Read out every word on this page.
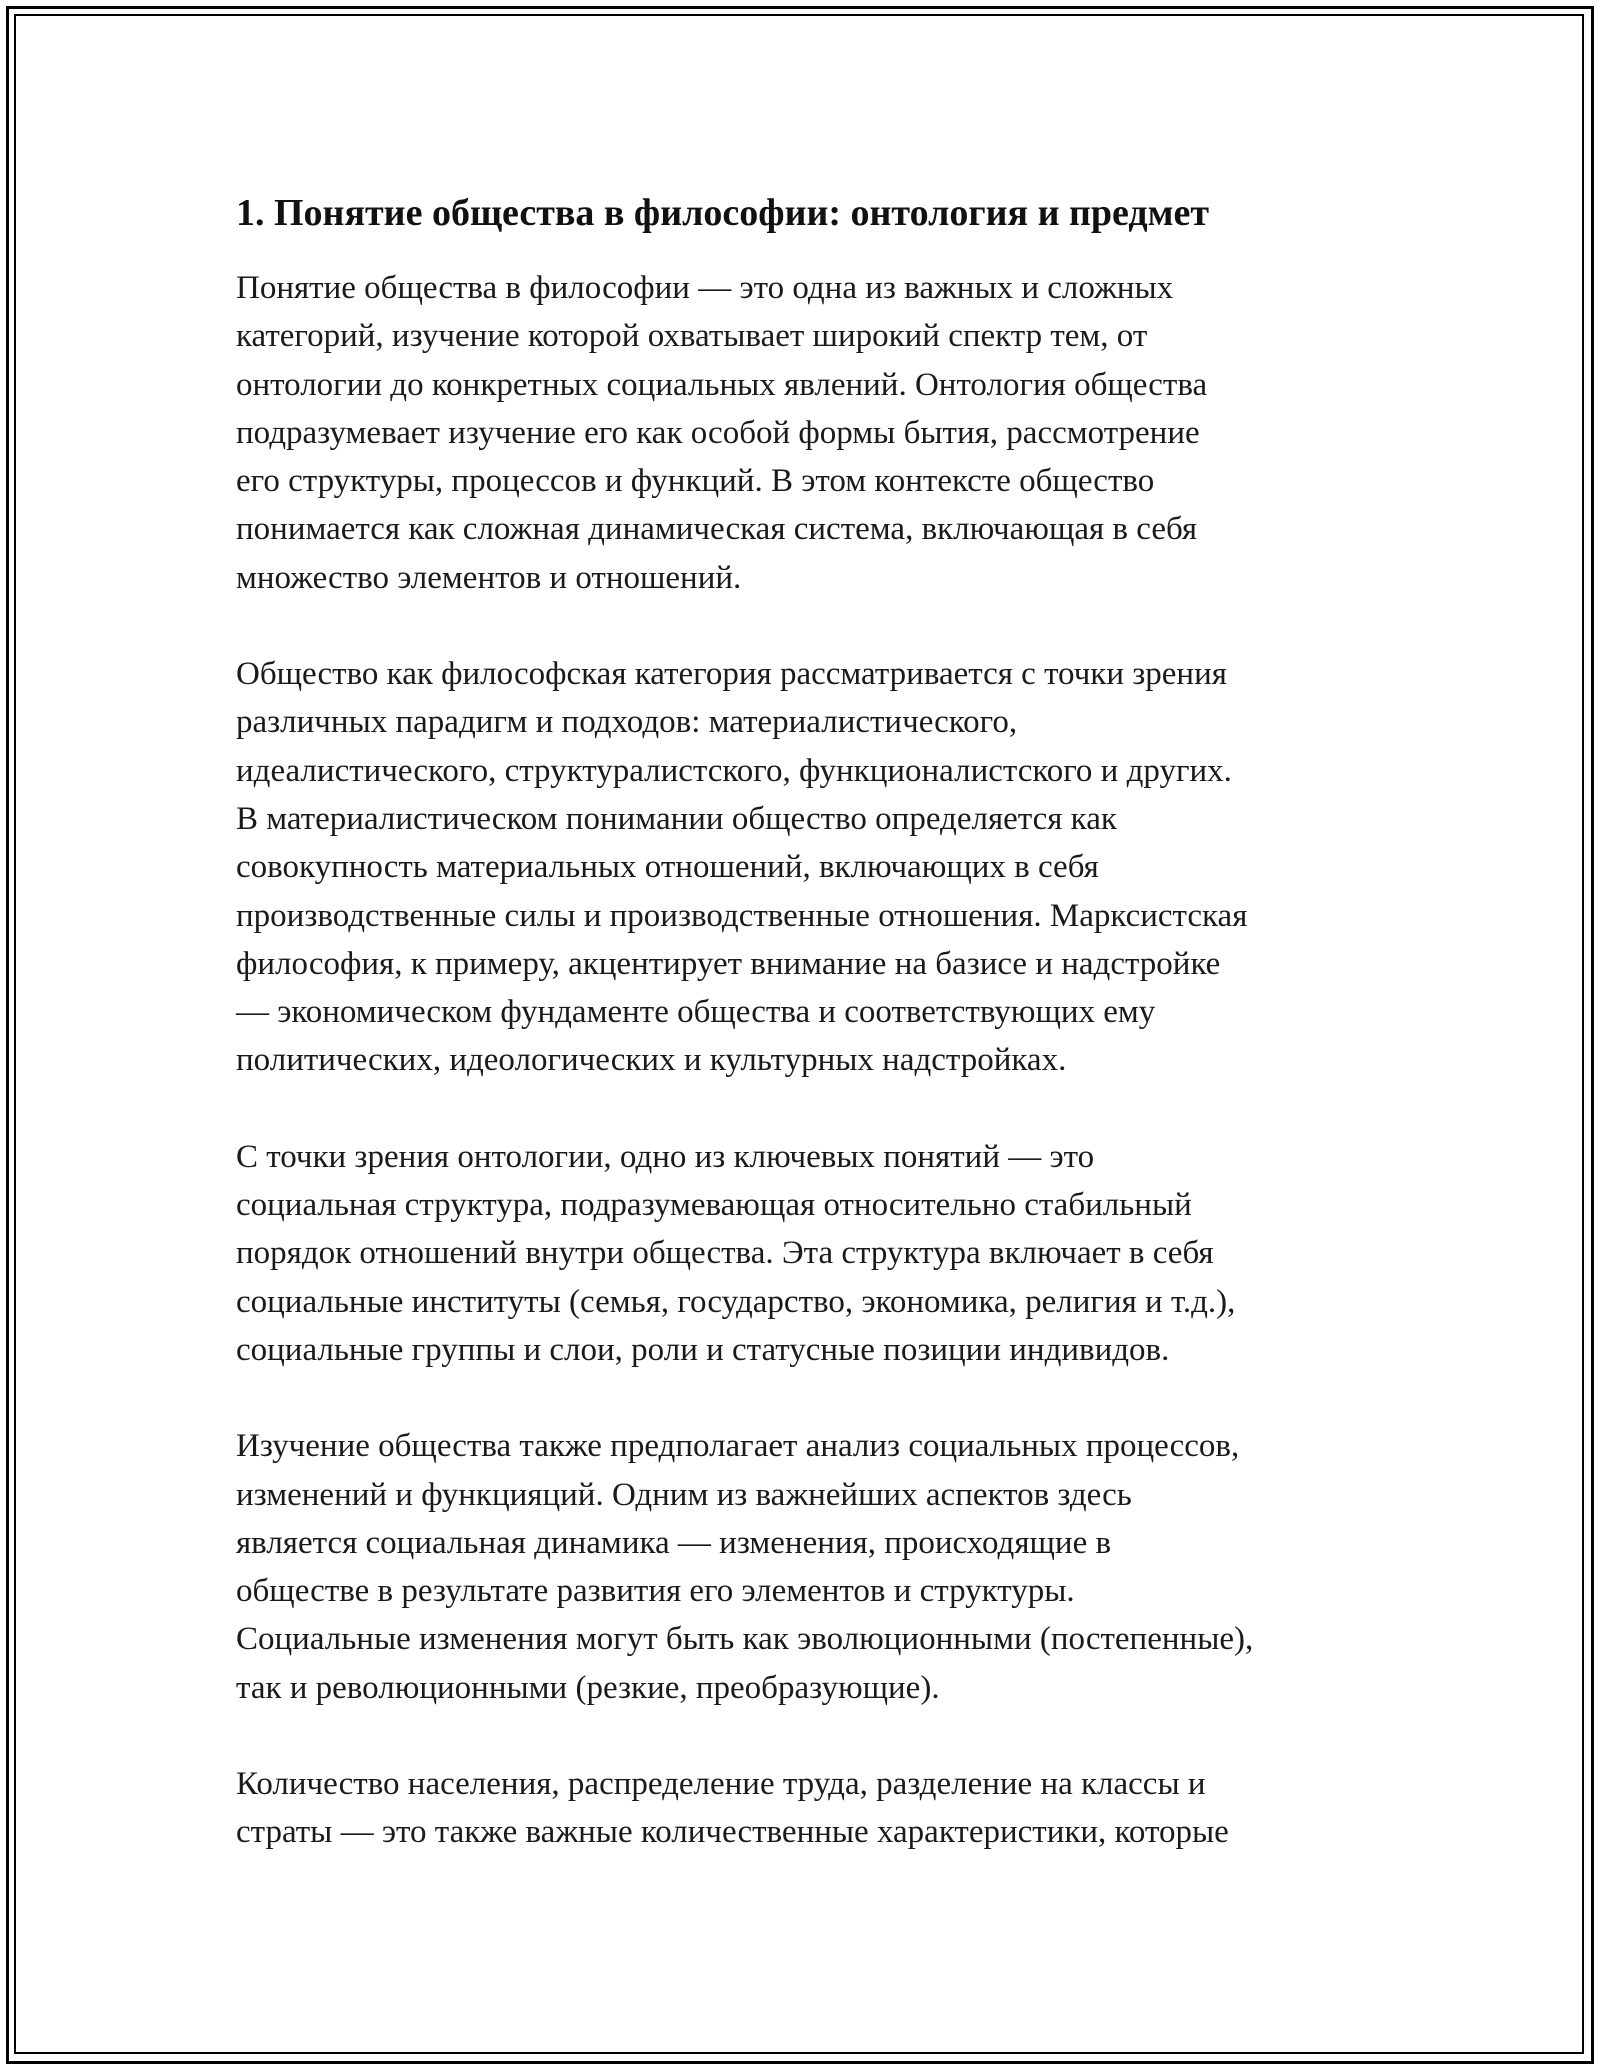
1. Понятие общества в философии: онтология и предмет

Понятие общества в философии — это одна из важных и сложных
категорий, изучение которой охватывает широкий спектр тем, от
онтологии до конкретных социальных явлений. Онтология общества
подразумевает изучение его как особой формы бытия, рассмотрение
его структуры, процессов и функций. В этом контексте общество
понимается как сложная динамическая система, включающая в себя
множество элементов и отношений.

Общество как философская категория рассматривается с точки зрения
различных парадигм и подходов: материалистического,
идеалистического, структуралистского, функционалистского и других.
В материалистическом понимании общество определяется как
совокупность материальных отношений, включающих в себя
производственные силы и производственные отношения. Марксистская
философия, к примеру, акцентирует внимание на базисе и надстройке
— экономическом фундаменте общества и соответствующих ему
политических, идеологических и культурных надстройках.

С точки зрения онтологии, одно из ключевых понятий — это
социальная структура, подразумевающая относительно стабильный
порядок отношений внутри общества. Эта структура включает в себя
социальные институты (семья, государство, экономика, религия и т.д.),
социальные группы и слои, роли и статусные позиции индивидов.

Изучение общества также предполагает анализ социальных процессов,
изменений и функцияций. Одним из важнейших аспектов здесь
является социальная динамика — изменения, происходящие в
обществе в результате развития его элементов и структуры.
Социальные изменения могут быть как эволюционными (постепенные),
так и революционными (резкие, преобразующие).

Количество населения, распределение труда, разделение на классы и
страты — это также важные количественные характеристики, которые
